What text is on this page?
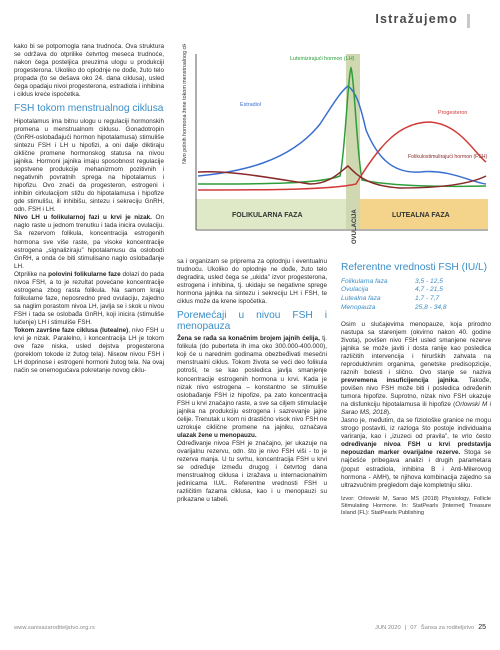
Istražujemo

kako bi se potpomogla rana trudnoća. Ova struktura se održava do otprilike četvrtog meseca trudnoće, nakon čega posteljica preuzima ulogu u produkciji progesterona. Ukoliko do oplodnje ne dođe, žuto telo propada (to se dešava oko 24. dana ciklusa), usled čega opadaju nivoi progesterona, estradiola i inhibina i ciklus kreće ispočetka.

FSH tokom menstrualnog ciklusa

Hipotalamus ima bitnu ulogu u regulaciji hormonskih promena u menstrualnom ciklusu. Gonadotropin (GnRH-oslobađajući hormon hipotalamusa) stimuliše sintezu FSH i LH u hipofizi, a oni dalje diktiraju ciklične promene hormonskog statusa na nivou jajnika. Hormoni jajnika imaju sposobnost regulacije sopstvene produkcije mehanizmom pozitivnih i negativnih povratnih sprega na hipotalamus i hipofizu. Ovo znači da progesteron, estrogeni i inhibin cirkulacijom stižu do hipotalamusa i hipofize gde stimulišu, ili inhibišu, sintezu i sekreciju GnRH, odn. FSH i LH.

Nivo LH u folikularnoj fazi u krvi je nizak. On naglo raste u jednom trenutku i tada inicira ovulaciju. Sa rezervom folikula, koncentracija estrogenih hormona sve više raste, pa visoke koncentracije estrogena „signaliziraju” hipotalamusu da oslobodi GnRH, a onda će biti stimulisano naglo oslobađanje LH.

Otprilike na polovini folikularne faze dolazi do pada nivoa FSH, a to je rezultat povećane koncentracije estrogena zbog rasta folikula. Na samom kraju folikularne faze, neposredno pred ovulaciju, zajedno sa naglim porastom nivoa LH, javlja se i skok u nivou FSH i tada se oslobađa GnRH, koji inicira (stimuliše lučenje) LH i stimuliše FSH.

Tokom završne faze ciklusa (lutealne), nivo FSH u krvi je nizak. Paralelno, i koncentracija LH je tokom ove faze niska, usled dejstva progesterona (poreklom tokode iz žutog tela). Nisком nivou FSH i LH doprinose i estrogeni hormoni žutog tela. Na ovaj način se onemogućava pokretanje novog ciklu-

Nivo polnih hormona žene tokom menstrualnog ciklusa	Luteinizirajući hormon (LH)
Estradiol
Progesteron
Folikulostimulirajući hormon (FSH)
FOLIKULARNA FAZA	OVULACIJA	LUTEALNA FAZA

sa i organizam se priprema za oplodnju i eventualnu trudnoću. Ukoliko do oplodnje ne dođe, žuto telo degradira, usled čega se „ukida” izvor progesterona, estrogena i inhibina, tj. ukidaju se negativne sprege hormona jajnika na sintezu i sekreciju LH i FSH, te ciklus može da krene ispočetka.

Porемećaji u nivou FSH i menopauza

Žena se rađa sa konačnim brojem jajnih ćelija, tj. folikula (do puberteta ih ima oko 300.000-400.000), koji će u narednim godinama obezbeđivati mesečni menstrualni ciklus. Tokom života se veći deo folikula potroši, te se kao posledica javlja smanjenje koncentracije estrogenih hormona u krvi. Kada je nizak nivo estrogena – konstantno se stimuliše oslobađanje FSH iz hipofize, pa zato koncentracija FSH u krvi značajno raste, a sve sa ciljem stimulacije jajnika na produkciju estrogena i sazrevanje jajne ćelije. Trenutak u kom ni drastično visok nivo FSH ne uzrokuje ciklične promene na jajniku, označava ulazak žene u menopauzu.

Određivanje nivoa FSH je značajno, jer ukazuje na ovarijalnu rezervu, odn. što je nivo FSH viši - to je rezerva manja. U tu svrhu, koncentracija FSH u krvi se određuje između drugog i četvrtog dana menstrualnog ciklusa i izražava u internacionalnim jedinicama IU/L. Referentne vrednosti FSH u različitim fazama ciklusa, kao i u menopauzi su prikazane u tabeli.

Referentne vrednosti FSH (IU/L)
Folikularna faza	3,5 - 12,5
Ovulacija	4,7 - 21,5
Lutealna faza	1,7 - 7,7
Menopauza	25,8 - 34,8

Osim u slučajevima menopauze, koja prirodno nastupa sa starenjem (okvirno nakon 40. godine života), povišen nivo FSH usled smanjene rezerve jajnika se može javiti i dosta ranije kao posledica različitih intervencija i hirurških zahvata na reproduktivnim organima, genetske predisopzicije, raznih bolesti i slično. Ovo stanje se naziva prevremena insuficijencija jajnika. Takođe, povišen nivo FSH može biti i posledica određenih tumora hipofize. Suprotno, nizak nivo FSH ukazuje na disfunkciju hipotalamusa ili hipofize (Orlowski M i Sarao MS, 2018).

Jasno je, međutim, da se fiziološke granice ne mogu strogo postaviti, iz razloga što postoje individualna variranja, kao i „izuzeci od pravila”, te vrlo često određivanje nivoa FSH u krvi predstavlja nepouzdan marker ovarijalne rezerve. Stoga se najčešće pribegava analizi i drugih parametara (poput estradiola, inhibina B i Anti-Milerovog hormona - AMH), te njihova kombinacija zajedno sa ultrazvučnim pregledom daje kompletniju sliku.

Izvor: Orlowski M, Sarao MS (2018) Physiology, Follicle Stimulating Hormone. In: StatPearls [Internet] Treasure Island (FL): StatPearls Publishing
www.sanisazaroditeljstvo.org.rs	JUN 2020 | 07 Šansa za roditeljstvo 25
